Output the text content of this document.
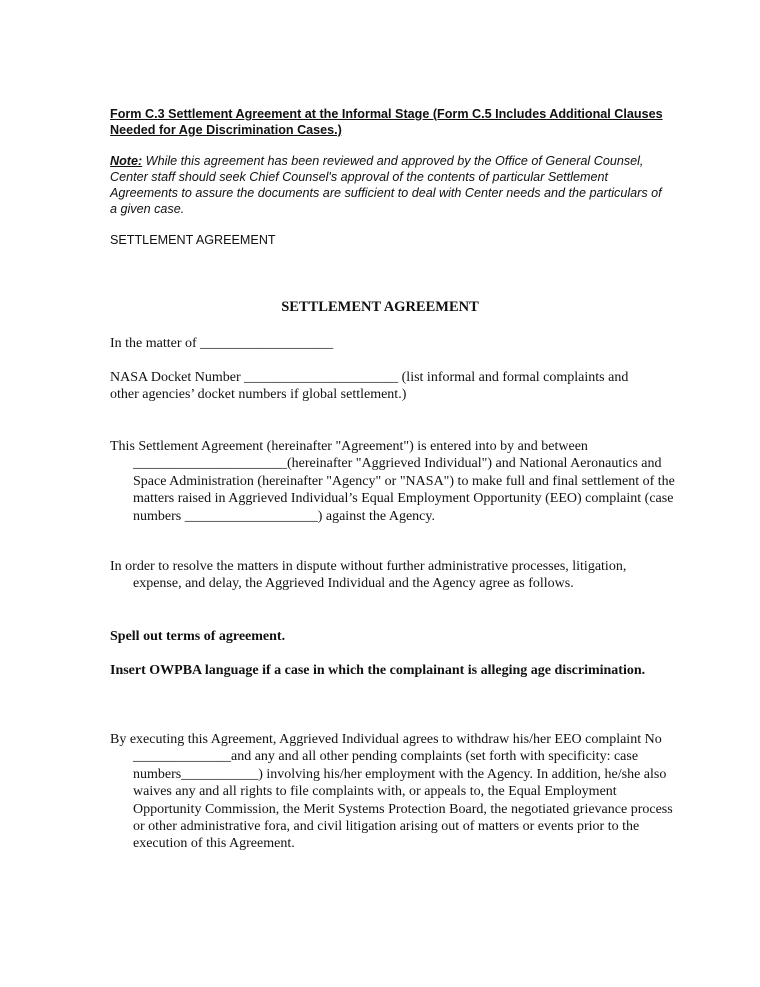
Form C.3 Settlement Agreement at the Informal Stage (Form C.5 Includes Additional Clauses Needed for Age Discrimination Cases.)

Note: While this agreement has been reviewed and approved by the Office of General Counsel, Center staff should seek Chief Counsel's approval of the contents of particular Settlement Agreements to assure the documents are sufficient to deal with Center needs and the particulars of a given case.

SETTLEMENT AGREEMENT

SETTLEMENT AGREEMENT

In the matter of ___________________

NASA Docket Number ______________________ (list informal and formal complaints and other agencies’ docket numbers if global settlement.)

This Settlement Agreement (hereinafter "Agreement") is entered into by and between ______________________(hereinafter "Aggrieved Individual") and National Aeronautics and Space Administration (hereinafter "Agency" or "NASA") to make full and final settlement of the matters raised in Aggrieved Individual’s Equal Employment Opportunity (EEO) complaint (case numbers ___________________) against the Agency.

In order to resolve the matters in dispute without further administrative processes, litigation, expense, and delay, the Aggrieved Individual and the Agency agree as follows.

Spell out terms of agreement.

Insert OWPBA language if a case in which the complainant is alleging age discrimination.

By executing this Agreement, Aggrieved Individual agrees to withdraw his/her EEO complaint No ______________and any and all other pending complaints (set forth with specificity: case numbers___________) involving his/her employment with the Agency. In addition, he/she also waives any and all rights to file complaints with, or appeals to, the Equal Employment Opportunity Commission, the Merit Systems Protection Board, the negotiated grievance process or other administrative fora, and civil litigation arising out of matters or events prior to the execution of this Agreement.
